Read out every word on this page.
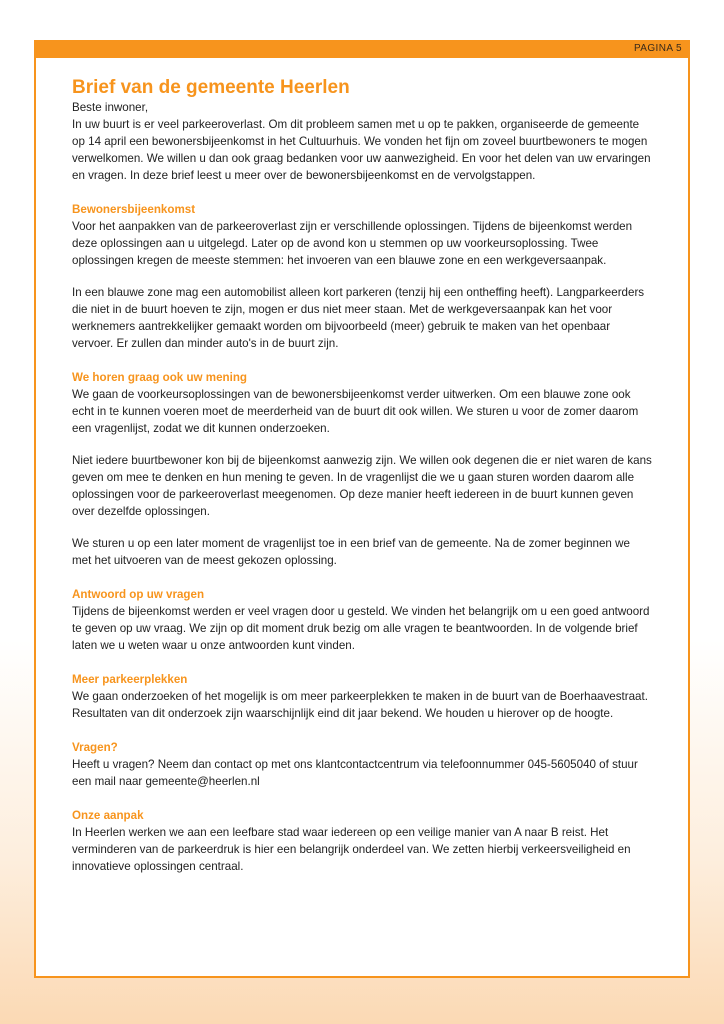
PAGINA 5
Brief van de gemeente Heerlen

Beste inwoner,

In uw buurt is er veel parkeeroverlast. Om dit probleem samen met u op te pakken, organiseerde de gemeente op 14 april een bewonersbijeenkomst in het Cultuurhuis. We vonden het fijn om zoveel buurtbewoners te mogen verwelkomen. We willen u dan ook graag bedanken voor uw aanwezigheid. En voor het delen van uw ervaringen en vragen. In deze brief leest u meer over de bewonersbijeenkomst en de vervolgstappen.

Bewonersbijeenkomst

Voor het aanpakken van de parkeeroverlast zijn er verschillende oplossingen. Tijdens de bijeenkomst werden deze oplossingen aan u uitgelegd. Later op de avond kon u stemmen op uw voorkeursoplossing. Twee oplossingen kregen de meeste stemmen: het invoeren van een blauwe zone en een werkgeversaanpak.

In een blauwe zone mag een automobilist alleen kort parkeren (tenzij hij een ontheffing heeft). Langparkeerders die niet in de buurt hoeven te zijn, mogen er dus niet meer staan. Met de werkgeversaanpak kan het voor werknemers aantrekkelijker gemaakt worden om bijvoorbeeld (meer) gebruik te maken van het openbaar vervoer. Er zullen dan minder auto's in de buurt zijn.

We horen graag ook uw mening

We gaan de voorkeursoplossingen van de bewonersbijeenkomst verder uitwerken. Om een blauwe zone ook echt in te kunnen voeren moet de meerderheid van de buurt dit ook willen. We sturen u voor de zomer daarom een vragenlijst, zodat we dit kunnen onderzoeken.

Niet iedere buurtbewoner kon bij de bijeenkomst aanwezig zijn. We willen ook degenen die er niet waren de kans geven om mee te denken en hun mening te geven. In de vragenlijst die we u gaan sturen worden daarom alle oplossingen voor de parkeeroverlast meegenomen. Op deze manier heeft iedereen in de buurt kunnen geven over dezelfde oplossingen.

We sturen u op een later moment de vragenlijst toe in een brief van de gemeente. Na de zomer beginnen we met het uitvoeren van de meest gekozen oplossing.

Antwoord op uw vragen

Tijdens de bijeenkomst werden er veel vragen door u gesteld. We vinden het belangrijk om u een goed antwoord te geven op uw vraag. We zijn op dit moment druk bezig om alle vragen te beantwoorden. In de volgende brief laten we u weten waar u onze antwoorden kunt vinden.

Meer parkeerplekken

We gaan onderzoeken of het mogelijk is om meer parkeerplekken te maken in de buurt van de Boerhaavestraat. Resultaten van dit onderzoek zijn waarschijnlijk eind dit jaar bekend. We houden u hierover op de hoogte.

Vragen?

Heeft u vragen? Neem dan contact op met ons klantcontactcentrum via telefoonnummer 045-5605040 of stuur een mail naar gemeente@heerlen.nl

Onze aanpak

In Heerlen werken we aan een leefbare stad waar iedereen op een veilige manier van A naar B reist. Het verminderen van de parkeerdruk is hier een belangrijk onderdeel van. We zetten hierbij verkeersveiligheid en innovatieve oplossingen centraal.
